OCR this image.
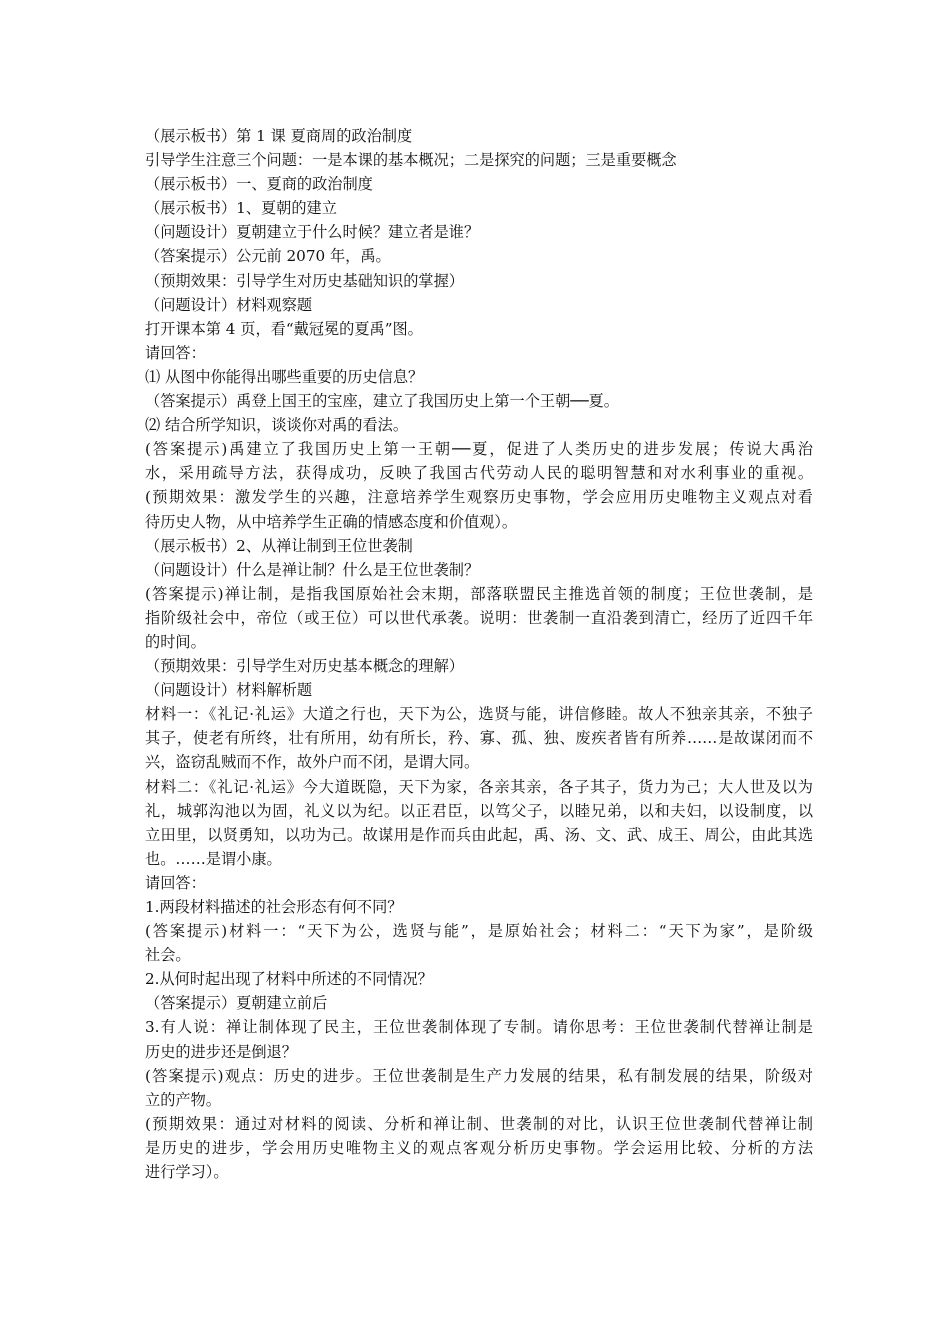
（展示板书）第 1 课 夏商周的政治制度
引导学生注意三个问题：一是本课的基本概况；二是探究的问题；三是重要概念
（展示板书）一、夏商的政治制度
（展示板书）1、夏朝的建立
（问题设计）夏朝建立于什么时候？建立者是谁？
（答案提示）公元前 2070 年，禹。
（预期效果：引导学生对历史基础知识的掌握）
（问题设计）材料观察题
打开课本第 4 页，看“戴冠冕的夏禹”图。
请回答：
⑴ 从图中你能得出哪些重要的历史信息？
（答案提示）禹登上国王的宝座，建立了我国历史上第一个王朝──夏。
⑵ 结合所学知识，谈谈你对禹的看法。
(答案提示)禹建立了我国历史上第一王朝──夏，促进了人类历史的进步发展；传说大禹治
水，采用疏导方法，获得成功，反映了我国古代劳动人民的聪明智慧和对水利事业的重视。
(预期效果：激发学生的兴趣，注意培养学生观察历史事物，学会应用历史唯物主义观点对看
待历史人物，从中培养学生正确的情感态度和价值观）。
（展示板书）2、从禅让制到王位世袭制
（问题设计）什么是禅让制？什么是王位世袭制？
(答案提示)禅让制，是指我国原始社会末期，部落联盟民主推选首领的制度；王位世袭制，是
指阶级社会中，帝位（或王位）可以世代承袭。说明：世袭制一直沿袭到清亡，经历了近四千年
的时间。
（预期效果：引导学生对历史基本概念的理解）
（问题设计）材料解析题
材料一：《礼记·礼运》大道之行也，天下为公，选贤与能，讲信修睦。故人不独亲其亲，不独子
其子，使老有所终，壮有所用，幼有所长，矜、寡、孤、独、废疾者皆有所养……是故谋闭而不
兴，盗窃乱贼而不作，故外户而不闭，是谓大同。
材料二：《礼记·礼运》今大道既隐，天下为家，各亲其亲，各子其子，货力为己；大人世及以为
礼，城郭沟池以为固，礼义以为纪。以正君臣，以笃父子，以睦兄弟，以和夫妇，以设制度，以
立田里，以贤勇知，以功为己。故谋用是作而兵由此起，禹、汤、文、武、成王、周公，由此其选
也。……是谓小康。
请回答：
1.两段材料描述的社会形态有何不同？
(答案提示)材料一：“天下为公，选贤与能”，是原始社会；材料二：“天下为家”，是阶级
社会。
2.从何时起出现了材料中所述的不同情况？
（答案提示）夏朝建立前后
3.有人说：禅让制体现了民主，王位世袭制体现了专制。请你思考：王位世袭制代替禅让制是
历史的进步还是倒退？
(答案提示)观点：历史的进步。王位世袭制是生产力发展的结果，私有制发展的结果，阶级对
立的产物。
(预期效果：通过对材料的阅读、分析和禅让制、世袭制的对比，认识王位世袭制代替禅让制
是历史的进步，学会用历史唯物主义的观点客观分析历史事物。学会运用比较、分析的方法
进行学习）。
